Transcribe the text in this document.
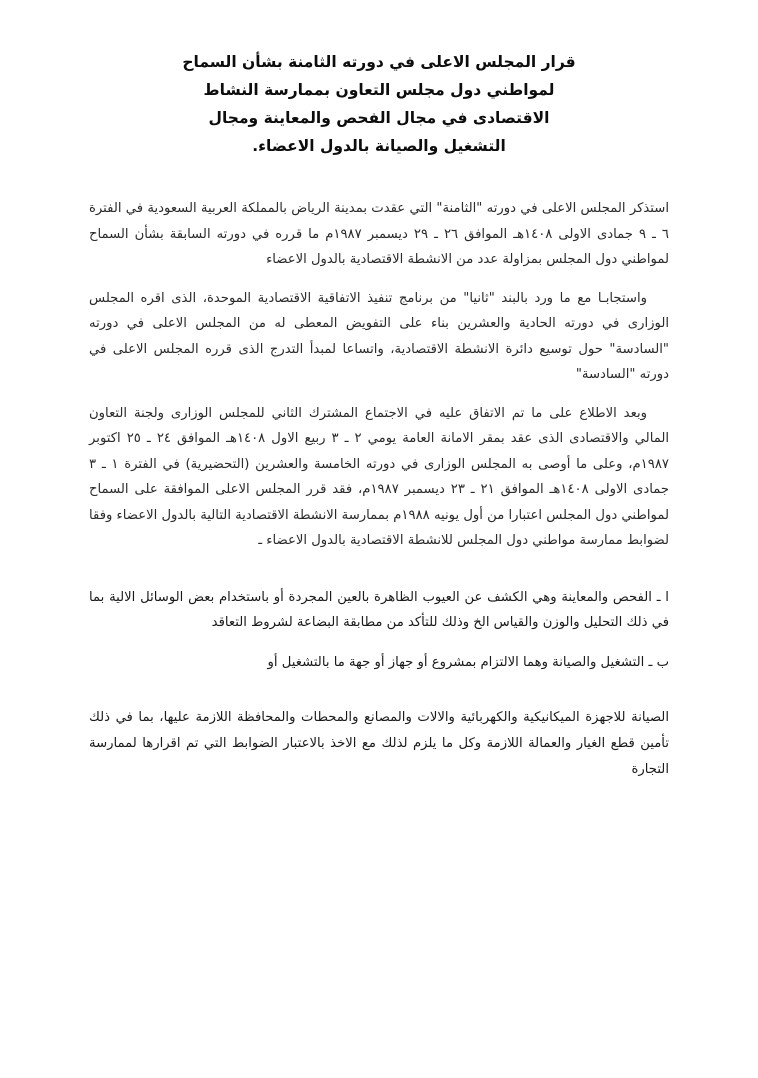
قرار المجلس الاعلى في دورته الثامنة بشأن السماح
لمواطني دول مجلس التعاون بممارسة النشاط
الاقتصادى في مجال الفحص والمعاينة ومجال
التشغيل والصيانة بالدول الاعضاء.

استذكر المجلس الاعلى في دورته "الثامنة" التي عقدت بمدينة الرياض بالمملكة العربية السعودية في الفترة ٦ ـ ٩ جمادى الاولى ١٤٠٨هـ الموافق ٢٦ ـ ٢٩ ديسمبر ١٩٨٧م ما قرره في دورته السابقة بشأن السماح لمواطني دول المجلس بمزاولة عدد من الانشطة الاقتصادية بالدول الاعضاء

واستجابـا مع ما ورد بالبند "ثانيا" من برنامج تنفيذ الاتفاقية الاقتصادية الموحدة، الذى اقره المجلس الوزارى في دورته الحادية والعشرين بناء على التفويض المعطى له من المجلس الاعلى في دورته "السادسة" حول توسيع دائرة الانشطة الاقتصادية، واتساعا لمبدأ التدرج الذى قرره المجلس الاعلى في دورته "السادسة"

وبعد الاطلاع على ما تم الاتفاق عليه في الاجتماع المشترك الثاني للمجلس الوزارى ولجنة التعاون المالي والاقتصادى الذى عقد بمقر الامانة العامة يومي ٢ ـ ٣ ربيع الاول ١٤٠٨هـ الموافق ٢٤ ـ ٢٥ اكتوبر ١٩٨٧م، وعلى ما أوصى به المجلس الوزارى في دورته الخامسة والعشرين (التحضيرية) في الفترة ١ ـ ٣ جمادى الاولى ١٤٠٨هـ الموافق ٢١ ـ ٢٣ ديسمبر ١٩٨٧م، فقد قرر المجلس الاعلى الموافقة على السماح لمواطني دول المجلس اعتبارا من أول يونيه ١٩٨٨م بممارسة الانشطة الاقتصادية التالية بالدول الاعضاء وفقا لضوابط ممارسة مواطني دول المجلس للانشطة الاقتصادية بالدول الاعضاء ـ

ا ـ الفحص والمعاينة وهي الكشف عن العيوب الظاهرة بالعين المجردة أو باستخدام بعض الوسائل الالية بما في ذلك التحليل والوزن والقياس الخ وذلك للتأكد من مطابقة البضاعة لشروط التعاقد
ب ـ التشغيل والصيانة وهما الالتزام بمشروع أو جهاز أو جهة ما بالتشغيل أو

الصيانة للاجهزة الميكانيكية والكهربائية والالات والمصانع والمحطات والمحافظة اللازمة عليها، بما في ذلك تأمين قطع الغيار والعمالة اللازمة وكل ما يلزم لذلك مع الاخذ بالاعتبار الضوابط التي تم اقرارها لممارسة التجارة
